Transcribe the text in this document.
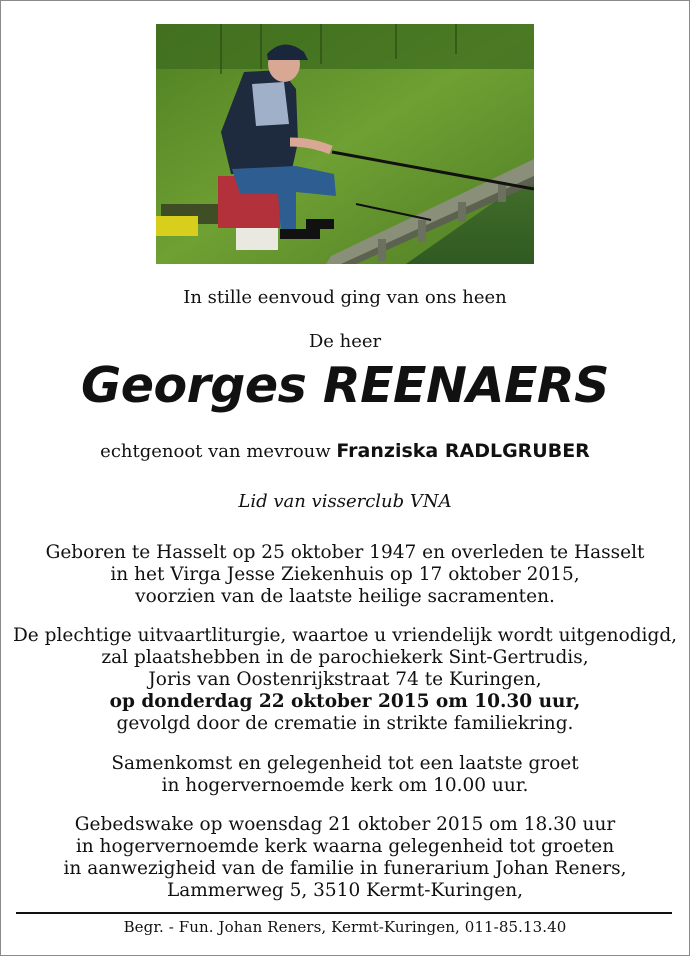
In stille eenvoud ging van ons heen
De heer
Georges REENAERS
echtgenoot van mevrouw Franziska RADLGRUBER
Lid van visserclub VNA
Geboren te Hasselt op 25 oktober 1947 en overleden te Hasselt
in het Virga Jesse Ziekenhuis op 17 oktober 2015,
voorzien van de laatste heilige sacramenten.
De plechtige uitvaartliturgie, waartoe u vriendelijk wordt uitgenodigd,
zal plaatshebben in de parochiekerk Sint-Gertrudis,
Joris van Oostenrijkstraat 74 te Kuringen,
op donderdag 22 oktober 2015 om 10.30 uur,
gevolgd door de crematie in strikte familiekring.
Samenkomst en gelegenheid tot een laatste groet
in hogervernoemde kerk om 10.00 uur.
Gebedswake op woensdag 21 oktober 2015 om 18.30 uur
in hogervernoemde kerk waarna gelegenheid tot groeten
in aanwezigheid van de familie in funerarium Johan Reners,
Lammerweg 5, 3510 Kermt-Kuringen,
Begr. - Fun. Johan Reners, Kermt-Kuringen, 011-85.13.40
